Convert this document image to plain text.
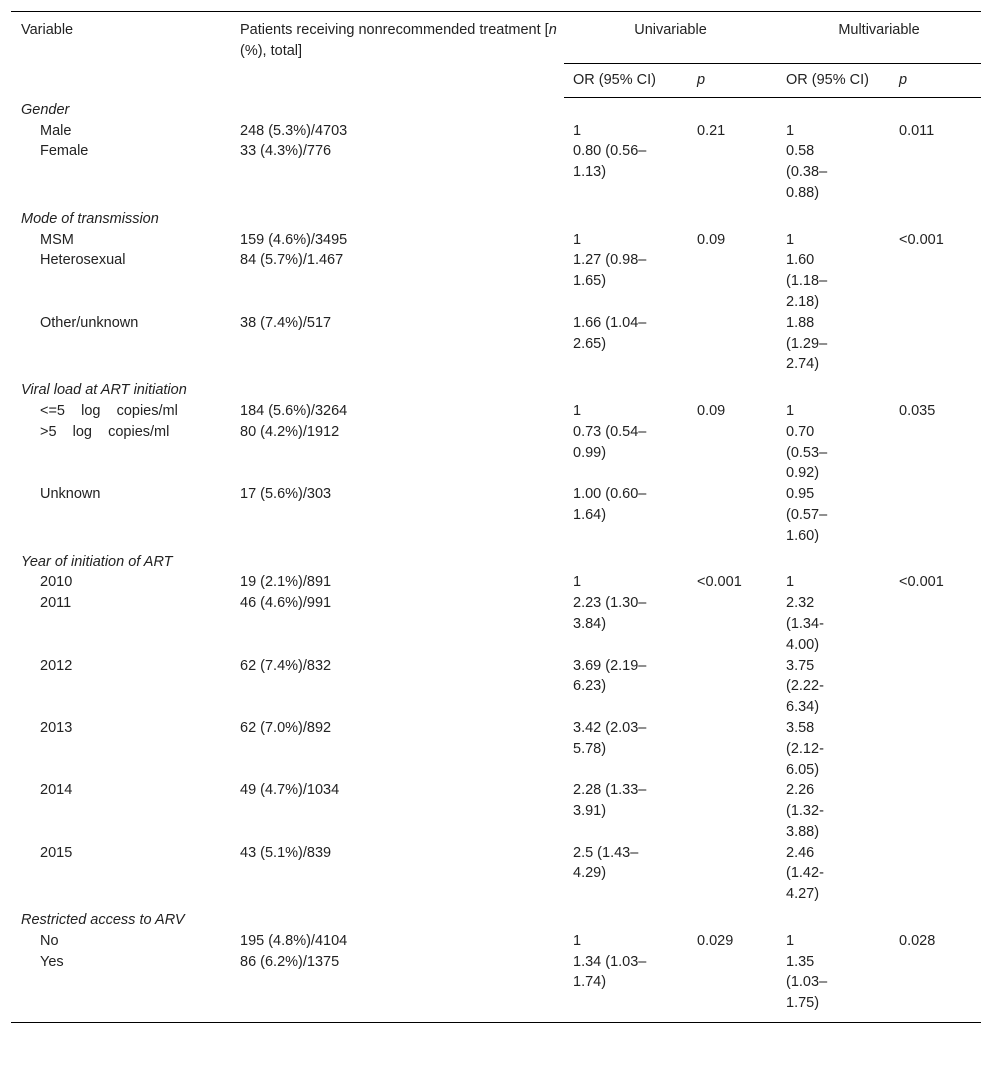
Variable	Patients receiving nonrecommended treatment [n (%), total]	Univariable		Multivariable	

		OR (95% CI)	p	OR (95% CI)	p
Gender					
Male	248 (5.3%)/4703	1	0.21	1	0.011
Female	33 (4.3%)/776	0.80 (0.56–1.13)		0.58 (0.38–0.88)	
Mode of transmission					
MSM	159 (4.6%)/3495	1	0.09	1	<0.001
Heterosexual	84 (5.7%)/1.467	1.27 (0.98–1.65)		1.60 (1.18–2.18)	
Other/unknown	38 (7.4%)/517	1.66 (1.04–2.65)		1.88 (1.29–2.74)	
Viral load at ART initiation					
<=5    log    copies/ml	184 (5.6%)/3264	1	0.09	1	0.035
>5    log    copies/ml	80 (4.2%)/1912	0.73 (0.54–0.99)		0.70 (0.53–0.92)	
Unknown	17 (5.6%)/303	1.00 (0.60–1.64)		0.95 (0.57–1.60)	
Year of initiation of ART					
2010	19 (2.1%)/891	1	<0.001	1	<0.001
2011	46 (4.6%)/991	2.23 (1.30–3.84)		2.32 (1.34-4.00)	
2012	62 (7.4%)/832	3.69 (2.19–6.23)		3.75 (2.22-6.34)	
2013	62 (7.0%)/892	3.42 (2.03–5.78)		3.58 (2.12-6.05)	
2014	49 (4.7%)/1034	2.28 (1.33–3.91)		2.26 (1.32-3.88)	
2015	43 (5.1%)/839	2.5 (1.43–4.29)		2.46 (1.42-4.27)	
Restricted access to ARV					
No	195 (4.8%)/4104	1	0.029	1	0.028
Yes	86 (6.2%)/1375	1.34 (1.03–1.74)		1.35 (1.03–1.75)	
